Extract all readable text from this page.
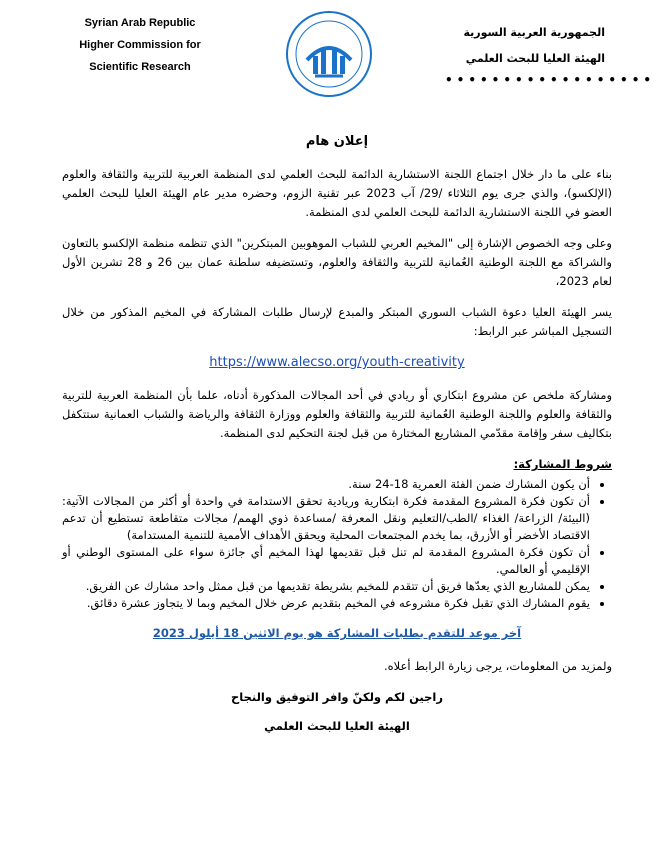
Syrian Arab Republic
Higher Commission for
Scientific Research
الجمهورية العربية السورية
الهيئة العليا للبحث العلمي
••••••••••••••••••
إعلان هام

بناء على ما دار خلال اجتماع اللجنة الاستشارية الدائمة للبحث العلمي لدى المنظمة العربية للتربية والثقافة والعلوم (الإلكسو)، والذي جرى يوم الثلاثاء /29/ آب 2023 عبر تقنية الزوم، وحضره مدير عام الهيئة العليا للبحث العلمي العضو في اللجنة الاستشارية الدائمة للبحث العلمي لدى المنظمة.

وعلى وجه الخصوص الإشارة إلى "المخيم العربي للشباب الموهوبين المبتكرين" الذي تنظمه منظمة الإلكسو بالتعاون والشراكة مع اللجنة الوطنية العُمانية للتربية والثقافة والعلوم، وتستضيفه سلطنة عمان بين 26 و 28 تشرين الأول لعام 2023،

يسر الهيئة العليا دعوة الشباب السوري المبتكر والمبدع لإرسال طلبات المشاركة في المخيم المذكور من خلال التسجيل المباشر عبر الرابط:

https://www.alecso.org/youth-creativity

ومشاركة ملخص عن مشروع ابتكاري أو ريادي في أحد المجالات المذكورة أدناه، علما بأن المنظمة العربية للتربية والثقافة والعلوم واللجنة الوطنية العُمانية للتربية والثقافة والعلوم ووزارة الثقافة والرياضة والشباب العمانية ستتكفل بتكاليف سفر وإقامة مقدّمي المشاريع المختارة من قبل لجنة التحكيم لدى المنظمة.

شروط المشاركة:
• أن يكون المشارك ضمن الفئة العمرية 18-24 سنة.
• أن تكون فكرة المشروع المقدمة فكرة ابتكارية وريادية تحقق الاستدامة في واحدة أو أكثر من المجالات الآتية: (البيئة/ الزراعة/ الغذاء /الطب/التعليم ونقل المعرفة /مساعدة ذوي الهمم/ مجالات متقاطعة تستطيع أن تدعم الاقتصاد الأخضر أو الأزرق، بما يخدم المجتمعات المحلية ويحقق الأهداف الأممية للتنمية المستدامة)
• أن تكون فكرة المشروع المقدمة لم تنل قبل تقديمها لهذا المخيم أي جائزة سواء على المستوى الوطني أو الإقليمي أو العالمي.
• يمكن للمشاريع الذي يعدّها فريق أن تتقدم للمخيم بشريطة تقديمها من قبل ممثل واحد مشارك عن الفريق.
• يقوم المشارك الذي تقبل فكرة مشروعه في المخيم بتقديم عرض خلال المخيم وبما لا يتجاوز عشرة دقائق.
آخر موعد للتقدم بطلبات المشاركة هو يوم الاثنين 18 أيلول 2023

ولمزيد من المعلومات، يرجى زيارة الرابط أعلاه.

راجين لكم ولكنّ وافر التوفيق والنجاح
الهيئة العليا للبحث العلمي
